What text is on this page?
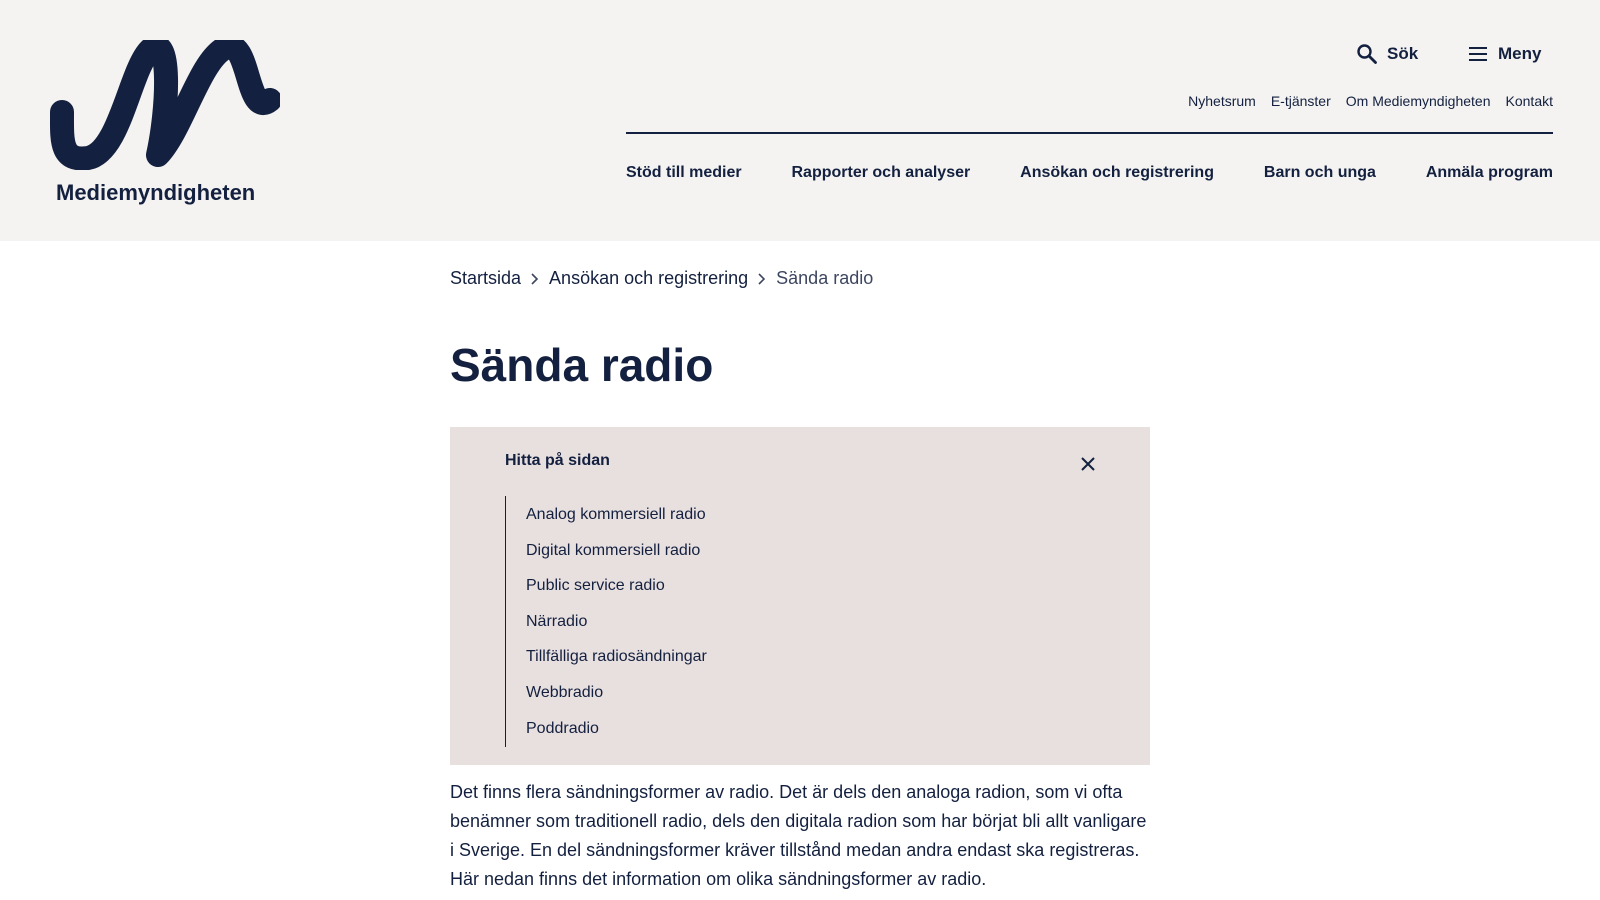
Mediemyndigheten
Sök	Meny
Nyhetsrum E-tjänster Om Mediemyndigheten Kontakt
Stöd till medier	Rapporter och analyser	Ansökan och registrering	Barn och unga	Anmäla program
Startsida Ansökan och registrering Sända radio
Sända radio
Hitta på sidan
Analog kommersiell radio
Digital kommersiell radio
Public service radio
Närradio
Tillfälliga radiosändningar
Webbradio
Poddradio

Det finns flera sändningsformer av radio. Det är dels den analoga radion, som vi ofta benämner som traditionell radio, dels den digitala radion som har börjat bli allt vanligare i Sverige. En del sändningsformer kräver tillstånd medan andra endast ska registreras. Här nedan finns det information om olika sändningsformer av radio.
